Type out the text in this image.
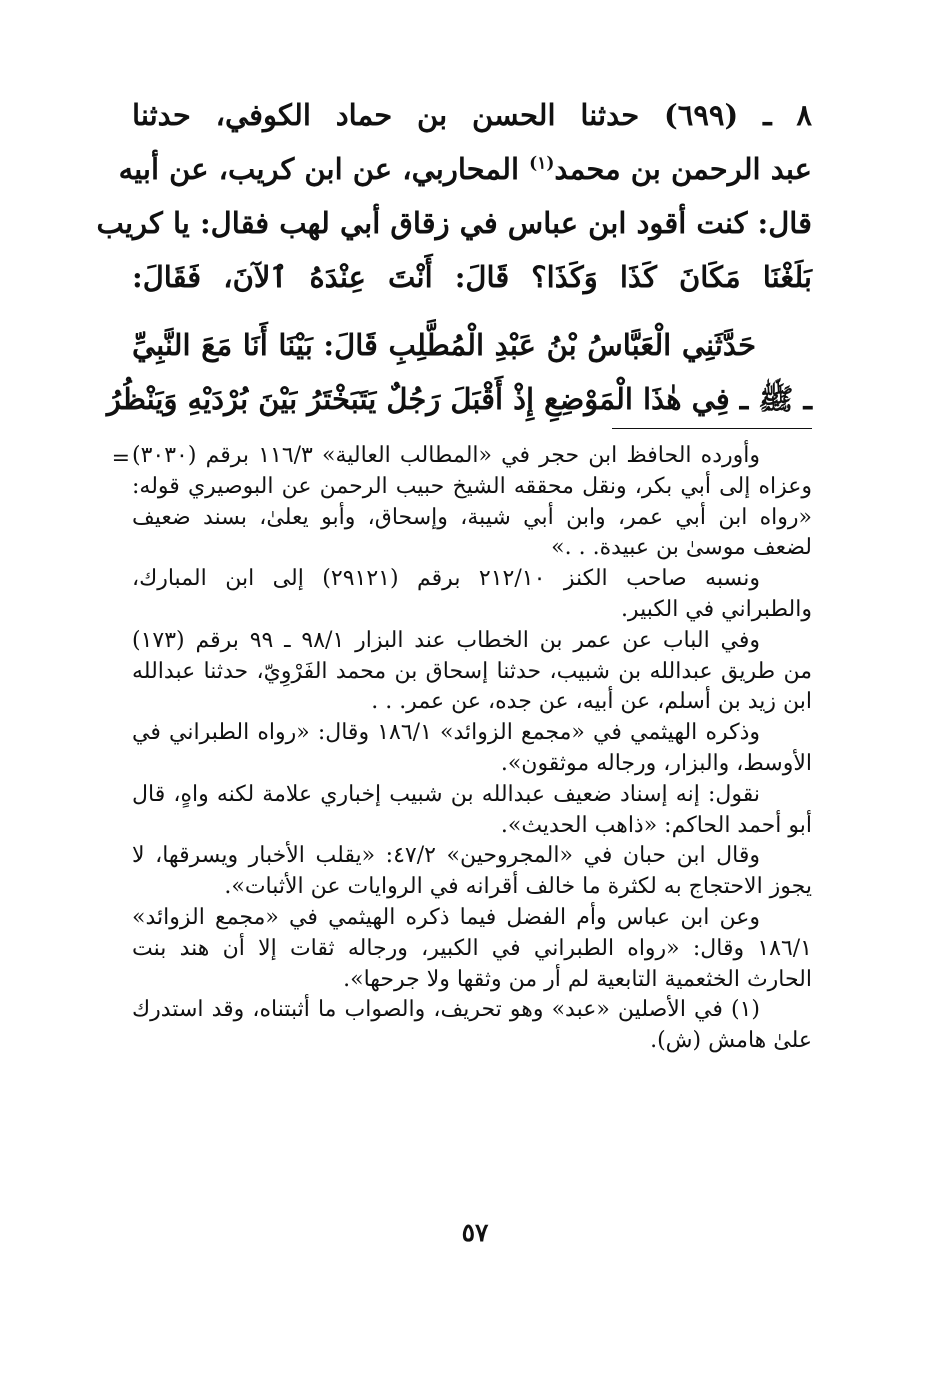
٨ ـ (٦٩٩) حدثنا الحسن بن حماد الكوفي، حدثنا
عبد الرحمن بن محمد$^{(١)}$ المحاربي، عن ابن كريب، عن أبيه
قال: كنت أقود ابن عباس في زقاق أبي لهب فقال: يا كريب
بَلَغْنَا مَكَانَ كَذَا وَكَذَا؟ قَالَ: أَنْتَ عِنْدَهُ ٱلآنَ، فَقَالَ:
حَدَّثَنِي الْعَبَّاسُ بْنُ عَبْدِ الْمُطَّلِبِ قَالَ: بَيْنَا أَنَا مَعَ النَّبِيِّ
ـ ﷺ ـ فِي هٰذَا الْمَوْضِعِ إِذْ أَقْبَلَ رَجُلٌ يَتَبَخْتَرُ بَيْنَ بُرْدَيْهِ وَيَنْظُرُ
= وأورده الحافظ ابن حجر في «المطالب العالية» ١١٦/٣ برقم (٣٠٣٠)
وعزاه إلى أبي بكر، ونقل محققه الشيخ حبيب الرحمن عن البوصيري قوله:
«رواه ابن أبي عمر، وابن أبي شيبة، وإسحاق، وأبو يعلىٰ، بسند ضعيف
لضعف موسىٰ بن عبيدة. . .»
ونسبه صاحب الكنز ٢١٢/١٠ برقم (٢٩١٢١) إلى ابن المبارك،
والطبراني في الكبير.
وفي الباب عن عمر بن الخطاب عند البزار ٩٨/١ ـ ٩٩ برقم (١٧٣)
من طريق عبدالله بن شبيب، حدثنا إسحاق بن محمد الفَرْوِيّ، حدثنا عبدالله
ابن زيد بن أسلم، عن أبيه، عن جده، عن عمر. . .
وذكره الهيثمي في «مجمع الزوائد» ١٨٦/١ وقال: «رواه الطبراني في
الأوسط، والبزار، ورجاله موثقون».
نقول: إنه إسناد ضعيف عبدالله بن شبيب إخباري علامة لكنه واهٍ، قال
أبو أحمد الحاكم: «ذاهب الحديث».
وقال ابن حبان في «المجروحين» ٤٧/٢: «يقلب الأخبار ويسرقها، لا
يجوز الاحتجاج به لكثرة ما خالف أقرانه في الروايات عن الأثبات».
وعن ابن عباس وأم الفضل فيما ذكره الهيثمي في «مجمع الزوائد»
١٨٦/١ وقال: «رواه الطبراني في الكبير، ورجاله ثقات إلا أن هند بنت
الحارث الخثعمية التابعية لم أر من وثقها ولا جرحها».
(١) في الأصلين «عبد» وهو تحريف، والصواب ما أثبتناه، وقد استدرك
علىٰ هامش (ش).
٥٧
